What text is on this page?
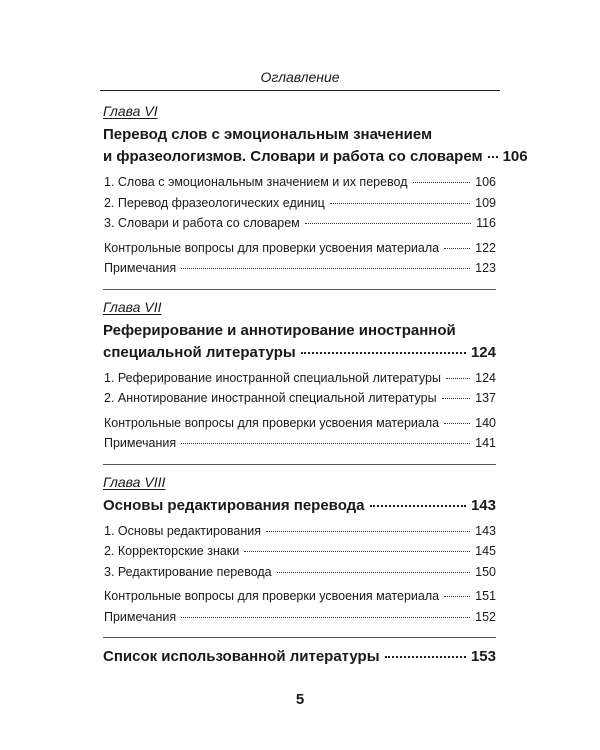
Оглавление
Глава VI
Перевод слов с эмоциональным значением
и фразеологизмов. Словари и работа со словарем 106
1. Слова с эмоциональным значением и их перевод	106
2. Перевод фразеологических единиц	109
3. Словари и работа со словарем	116
Контрольные вопросы для проверки усвоения материала	122
Примечания	123
Глава VII
Реферирование и аннотирование иностранной
специальной литературы	124
1. Реферирование иностранной специальной литературы	124
2. Аннотирование иностранной специальной литературы	137
Контрольные вопросы для проверки усвоения материала	140
Примечания	141
Глава VIII
Основы редактирования перевода	143
1. Основы редактирования	143
2. Корректорские знаки	145
3. Редактирование перевода	150
Контрольные вопросы для проверки усвоения материала	151
Примечания	152
Список использованной литературы	153
5
